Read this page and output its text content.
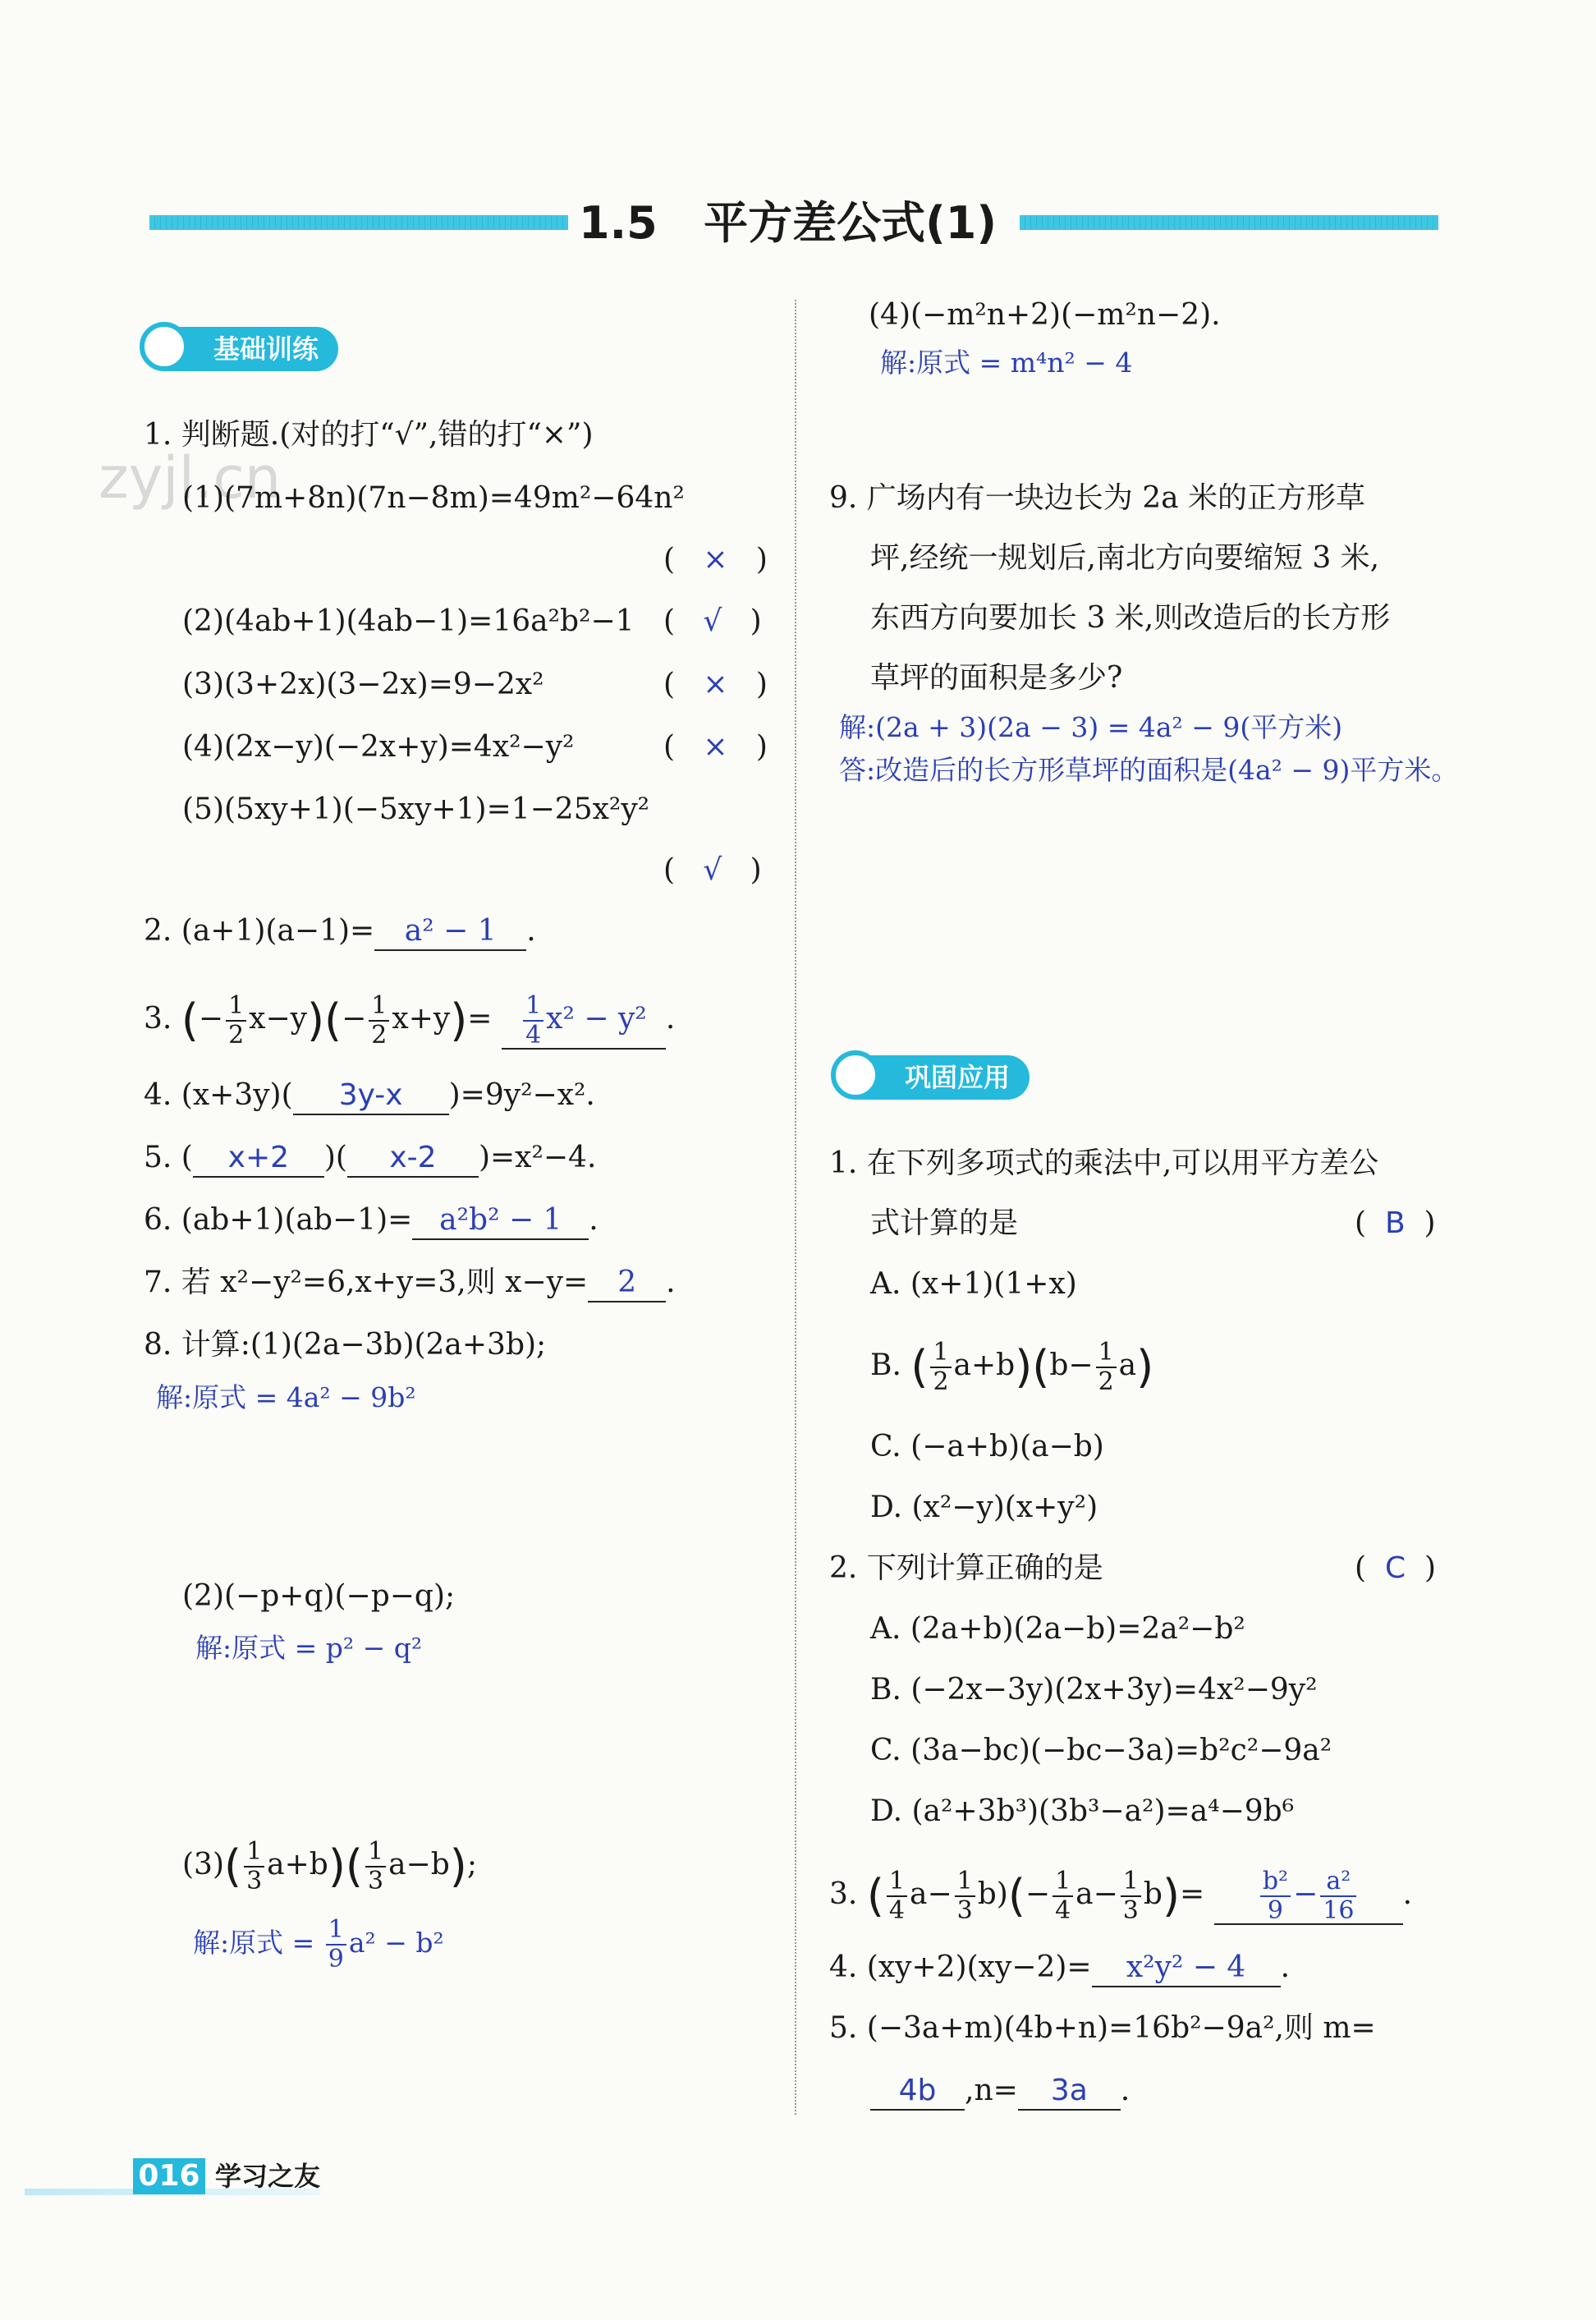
1.5 平方差公式(1)
zyjl.cn
基础训练
1. 判断题.(对的打“√”,错的打“×”)
(1)(7m+8n)(7n−8m)=49m²−64n²
(   ×   )
(2)(4ab+1)(4ab−1)=16a²b²−1 (   √   )
(3)(3+2x)(3−2x)=9−2x²	(   ×   )
(4)(2x−y)(−2x+y)=4x²−y²	(   ×   )
(5)(5xy+1)(−5xy+1)=1−25x²y²
(   √   )
2. (a+1)(a−1)= a² − 1 .
3. (− $\frac{1}{2} x-y)(- \frac{1}{2} x+y)= \frac{1}{4} x^2 - y^2$ .
4. (x+3y)( 3y-x )=9y²−x².
5. ( x+2 )( x-2 )=x²−4.
6. (ab+1)(ab−1)= a²b² − 1 .
7. 若 x²−y²=6,x+y=3,则 x−y= 2 .
8. 计算:(1)(2a−3b)(2a+3b);
解:原式 = 4a² − 9b²
(2)(−p+q)(−p−q);
解:原式 = p² − q²
$(3)( \frac{1}{3} a+b)( \frac{1}{3} a-b)$;
解:原式 = $\frac{1}{9} a^2 - b^2$
(4)(−m²n+2)(−m²n−2).
解:原式 = m⁴n² − 4
9. 广场内有一块边长为 2a 米的正方形草
坪,经统一规划后,南北方向要缩短 3 米,
东西方向要加长 3 米,则改造后的长方形
草坪的面积是多少?
解:(2a + 3)(2a − 3) = 4a² − 9(平方米)
答:改造后的长方形草坪的面积是(4a² − 9)平方米。
巩固应用
1. 在下列多项式的乘法中,可以用平方差公
式计算的是	(  B  )
A. (x+1)(1+x)
B. ( $\frac{1}{2} a+b)(b- \frac{1}{2} a)$
C. (−a+b)(a−b)
D. (x²−y)(x+y²)
2. 下列计算正确的是	(  C  )
A. (2a+b)(2a−b)=2a²−b²
B. (−2x−3y)(2x+3y)=4x²−9y²
C. (3a−bc)(−bc−3a)=b²c²−9a²
D. (a²+3b³)(3b³−a²)=a⁴−9b⁶
3. ( $\frac{1}{4} a- \frac{1}{3} b)(- \frac{1}{4} a- \frac{1}{3} b)= \frac{\text{b²}}{9} - \frac{\text{a²}}{16}$ .
4. (xy+2)(xy−2)= x²y² − 4 .
5. (−3a+m)(4b+n)=16b²−9a²,则 m=
4b ,n= 3a .
016 学习之友
